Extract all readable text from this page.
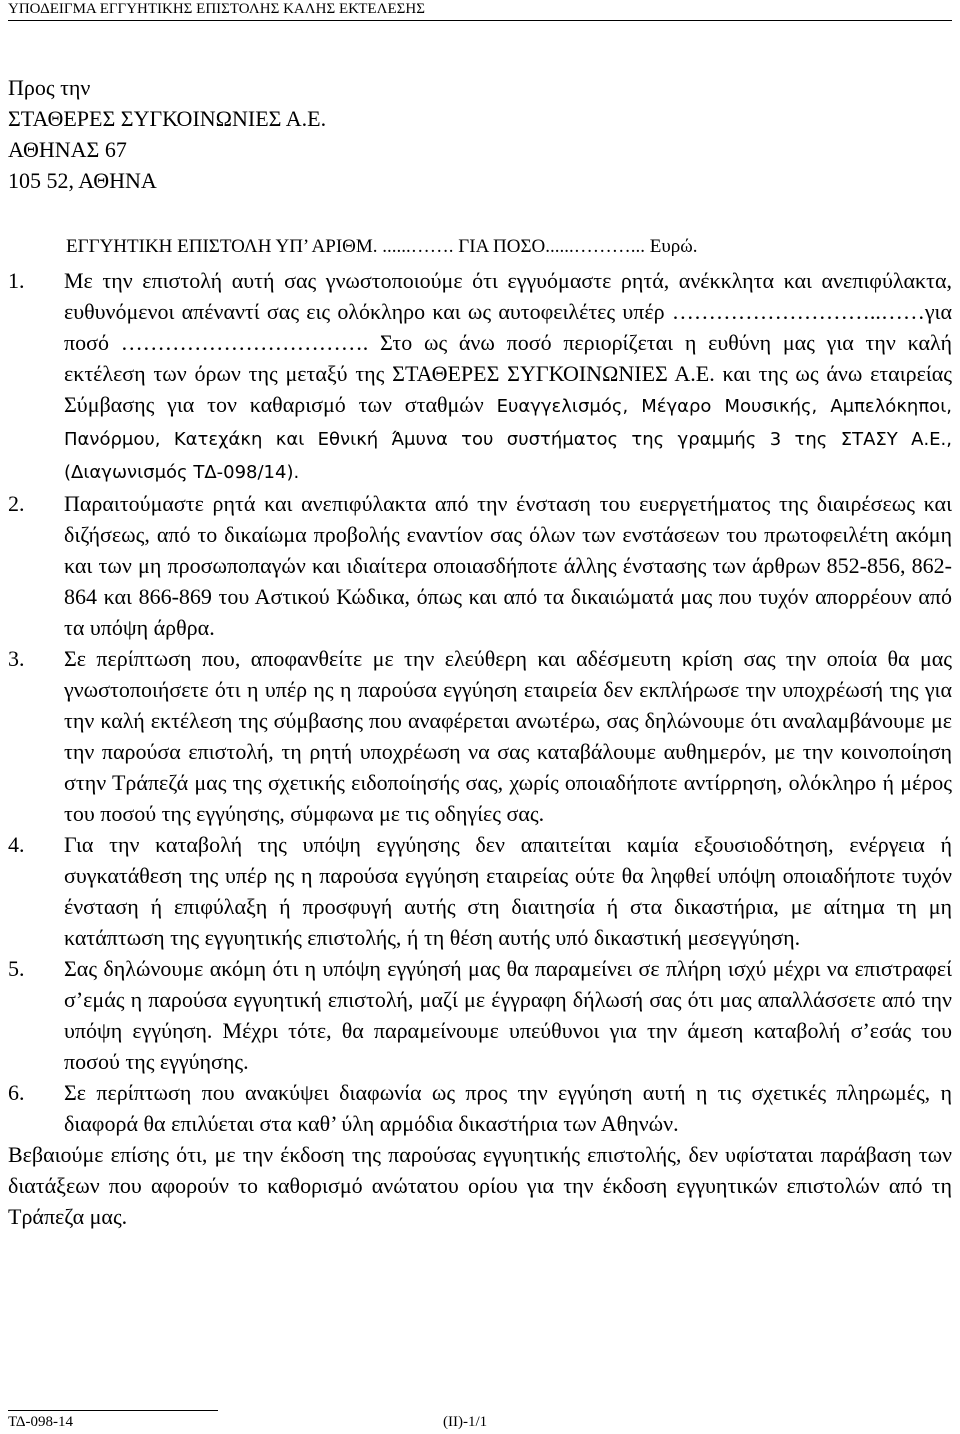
ΥΠΟΔΕΙΓΜΑ ΕΓΓΥΗΤΙΚΗΣ ΕΠΙΣΤΟΛΗΣ ΚΑΛΗΣ ΕΚΤΕΛΕΣΗΣ
Προς την
ΣΤΑΘΕΡΕΣ ΣΥΓΚΟΙΝΩΝΙΕΣ Α.Ε.
ΑΘΗΝΑΣ 67
105 52, ΑΘΗΝΑ
ΕΓΓΥΗΤΙΚΗ ΕΠΙΣΤΟΛΗ ΥΠ’ ΑΡΙΘΜ. ......……. ΓΙΑ ΠΟΣΟ......………... Ευρώ.
1.	Με την επιστολή αυτή σας γνωστοποιούμε ότι εγγυόμαστε ρητά, ανέκκλητα και ανεπιφύλακτα, ευθυνόμενοι απέναντί σας εις ολόκληρο και ως αυτοφειλέτες υπέρ ………………………..……για ποσό ……………………………. Στο ως άνω ποσό περιορίζεται η ευθύνη μας για την καλή εκτέλεση των όρων της μεταξύ της ΣΤΑΘΕΡΕΣ ΣΥΓΚΟΙΝΩΝΙΕΣ Α.Ε. και της ως άνω εταιρείας Σύμβασης για τον καθαρισμό των σταθμών Ευαγγελισμός, Μέγαρο Μουσικής, Αμπελόκηποι, Πανόρμου, Κατεχάκη και Εθνική Άμυνα του συστήματος της γραμμής 3 της ΣΤΑΣΥ Α.Ε., (Διαγωνισμός ΤΔ-098/14).
2.	Παραιτούμαστε ρητά και ανεπιφύλακτα από την ένσταση του ευεργετήματος της διαιρέσεως και διζήσεως, από το δικαίωμα προβολής εναντίον σας όλων των ενστάσεων του πρωτοφειλέτη ακόμη και των μη προσωπoπαγών και ιδιαίτερα οποιασδήποτε άλλης ένστασης των άρθρων 852-856, 862-864 και 866-869 του Αστικού Κώδικα, όπως και από τα δικαιώματά μας που τυχόν απορρέουν από τα υπόψη άρθρα.
3.	Σε περίπτωση που, αποφανθείτε με την ελεύθερη και αδέσμευτη κρίση σας την οποία θα μας γνωστοποιήσετε ότι η υπέρ ης η παρούσα εγγύηση εταιρεία δεν εκπλήρωσε την υποχρέωσή της για την καλή εκτέλεση της σύμβασης που αναφέρεται ανωτέρω, σας δηλώνουμε ότι αναλαμβάνουμε με την παρούσα επιστολή, τη ρητή υποχρέωση να σας καταβάλουμε αυθημερόν, με την κοινοποίηση στην Τράπεζά μας της σχετικής ειδοποίησής σας, χωρίς οποιαδήποτε αντίρρηση, ολόκληρο ή μέρος του ποσού της εγγύησης, σύμφωνα με τις οδηγίες σας.
4.	Για την καταβολή της υπόψη εγγύησης δεν απαιτείται καμία εξουσιοδότηση, ενέργεια ή συγκατάθεση της υπέρ ης η παρούσα εγγύηση εταιρείας ούτε θα ληφθεί υπόψη οποιαδήποτε τυχόν ένσταση ή επιφύλαξη ή προσφυγή αυτής στη διαιτησία ή στα δικαστήρια, με αίτημα τη μη κατάπτωση της εγγυητικής επιστολής, ή τη θέση αυτής υπό δικαστική μεσεγγύηση.
5.	Σας δηλώνουμε ακόμη ότι η υπόψη εγγύησή μας θα παραμείνει σε πλήρη ισχύ μέχρι να επιστραφεί σ’εμάς η παρούσα εγγυητική επιστολή, μαζί με έγγραφη δήλωσή σας ότι μας απαλλάσσετε από την υπόψη εγγύηση. Μέχρι τότε, θα παραμείνουμε υπεύθυνοι για την άμεση καταβολή σ’εσάς του ποσού της εγγύησης.
6.	Σε περίπτωση που ανακύψει διαφωνία ως προς την εγγύηση αυτή η τις σχετικές πληρωμές, η διαφορά θα επιλύεται στα καθ’ ύλη αρμόδια δικαστήρια των Αθηνών.
Βεβαιούμε επίσης ότι, με την έκδοση της παρούσας εγγυητικής επιστολής, δεν υφίσταται παράβαση των διατάξεων που αφορούν το καθορισμό ανώτατου ορίου για την έκδοση εγγυητικών επιστολών από τη Τράπεζα μας.
ΤΔ-098-14	(ΙΙ)-1/1
